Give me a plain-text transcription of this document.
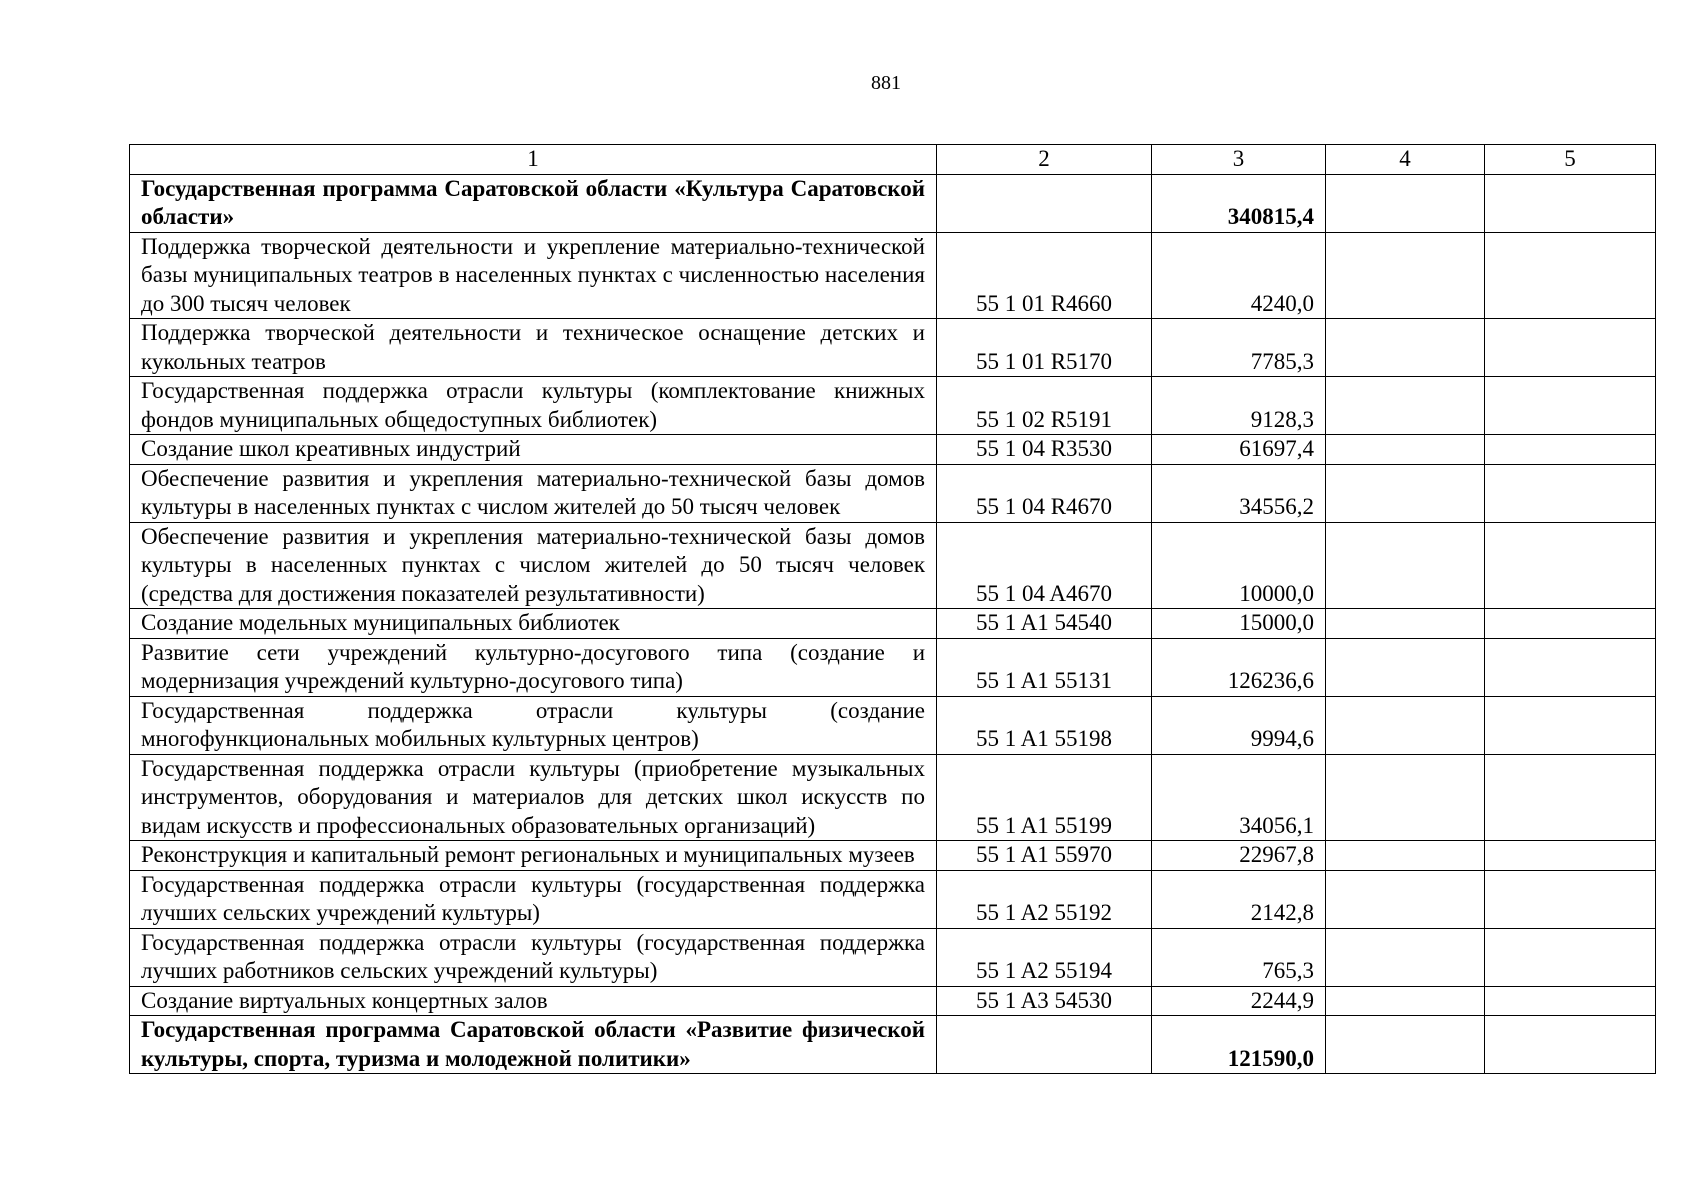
881
1	2	3	4	5
Государственная программа Саратовской области «Культура Саратовской области»		340815,4		
Поддержка творческой деятельности и укрепление материально-технической базы муниципальных театров в населенных пунктах с численностью населения до 300 тысяч человек	55 1 01 R4660	4240,0		
Поддержка творческой деятельности и техническое оснащение детских и кукольных театров	55 1 01 R5170	7785,3		
Государственная поддержка отрасли культуры (комплектование книжных фондов муниципальных общедоступных библиотек)	55 1 02 R5191	9128,3		
Создание школ креативных индустрий	55 1 04 R3530	61697,4		
Обеспечение развития и укрепления материально-технической базы домов культуры в населенных пунктах с числом жителей до 50 тысяч человек	55 1 04 R4670	34556,2		
Обеспечение развития и укрепления материально-технической базы домов культуры в населенных пунктах с числом жителей до 50 тысяч человек (средства для достижения показателей результативности)	55 1 04 A4670	10000,0		
Создание модельных муниципальных библиотек	55 1 A1 54540	15000,0		
Развитие сети учреждений культурно-досугового типа (создание и модернизация учреждений культурно-досугового типа)	55 1 A1 55131	126236,6		
Государственная поддержка отрасли культуры (создание многофункциональных мобильных культурных центров)	55 1 A1 55198	9994,6		
Государственная поддержка отрасли культуры (приобретение музыкальных инструментов, оборудования и материалов для детских школ искусств по видам искусств и профессиональных образовательных организаций)	55 1 A1 55199	34056,1		
Реконструкция и капитальный ремонт региональных и муниципальных музеев	55 1 A1 55970	22967,8		
Государственная поддержка отрасли культуры (государственная поддержка лучших сельских учреждений культуры)	55 1 A2 55192	2142,8		
Государственная поддержка отрасли культуры (государственная поддержка лучших работников сельских учреждений культуры)	55 1 A2 55194	765,3		
Создание виртуальных концертных залов	55 1 A3 54530	2244,9		
Государственная программа Саратовской области «Развитие физической культуры, спорта, туризма и молодежной политики»		121590,0		
